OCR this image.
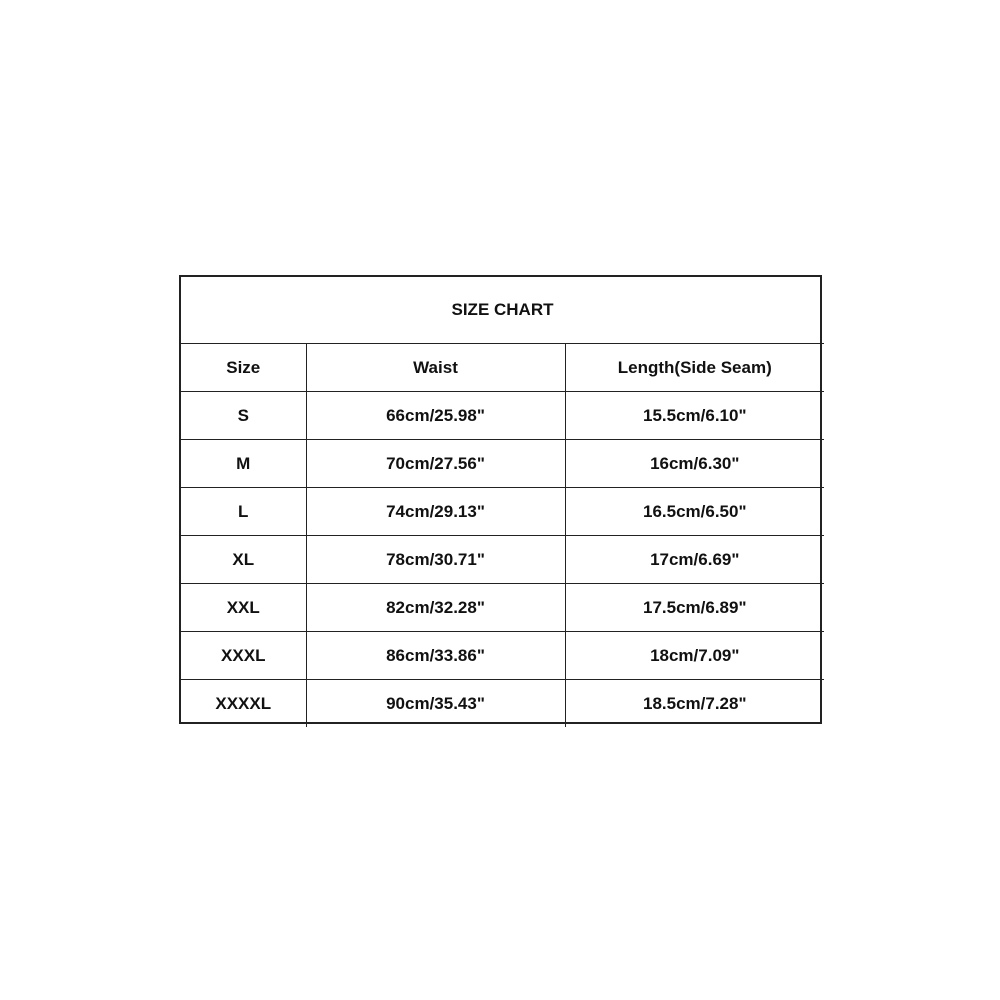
SIZE CHART		
Size	Waist	Length(Side Seam)
S	66cm/25.98"	15.5cm/6.10"
M	70cm/27.56"	16cm/6.30"
L	74cm/29.13"	16.5cm/6.50"
XL	78cm/30.71"	17cm/6.69"
XXL	82cm/32.28"	17.5cm/6.89"
XXXL	86cm/33.86"	18cm/7.09"
XXXXL	90cm/35.43"	18.5cm/7.28"
